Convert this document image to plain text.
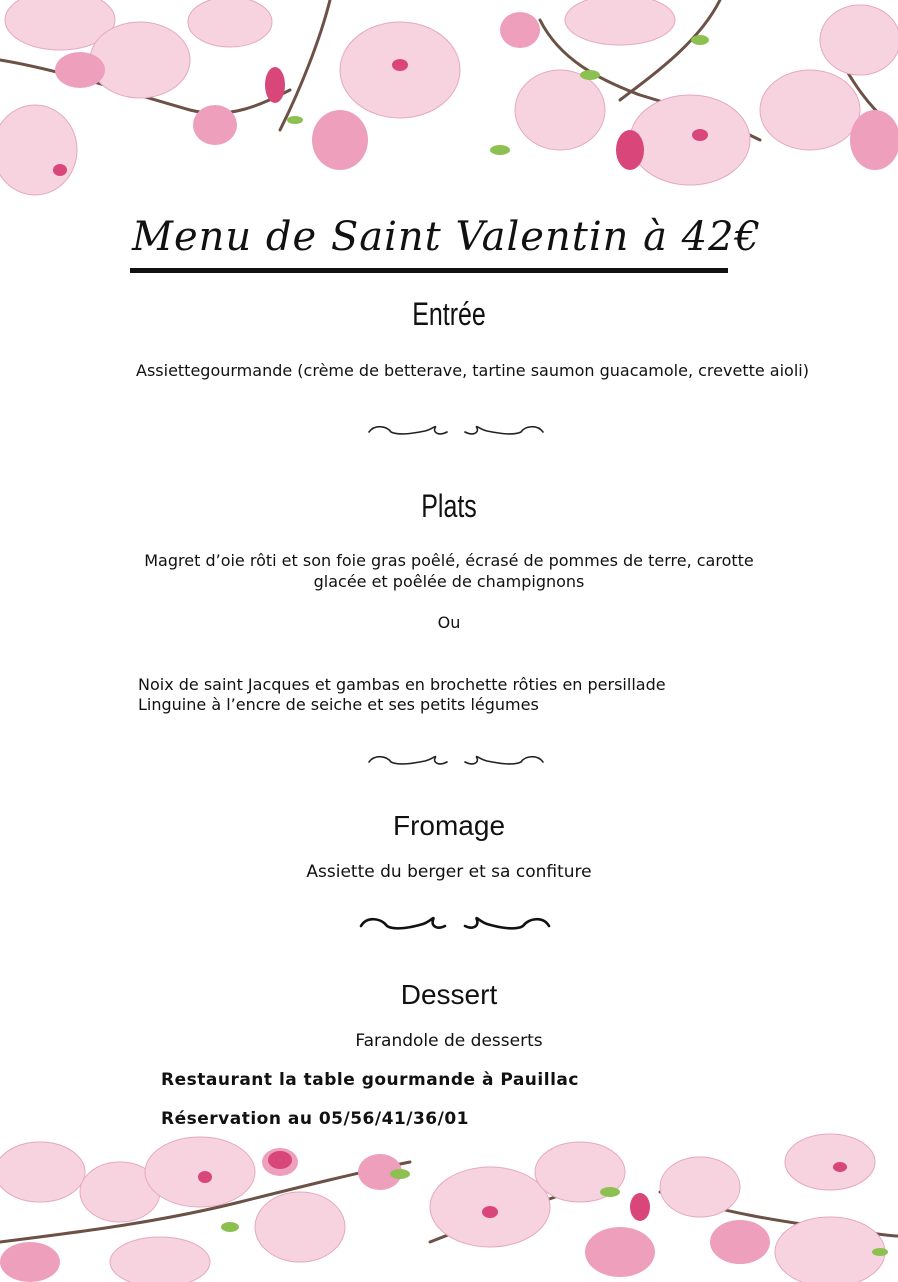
Menu de Saint Valentin à 42€
Entrée
Assiettegourmande (crème de betterave, tartine saumon guacamole, crevette aioli)
Plats
Magret d’oie rôti et son foie gras poêlé, écrasé de pommes de terre, carotte
glacée et poêlée de champignons
Ou
Noix de saint Jacques et gambas en brochette rôties en persillade
Linguine à l’encre de seiche et ses petits légumes
Fromage
Assiette du berger et sa confiture
Dessert
Farandole de desserts
Restaurant la table gourmande à Pauillac
Réservation au 05/56/41/36/01
